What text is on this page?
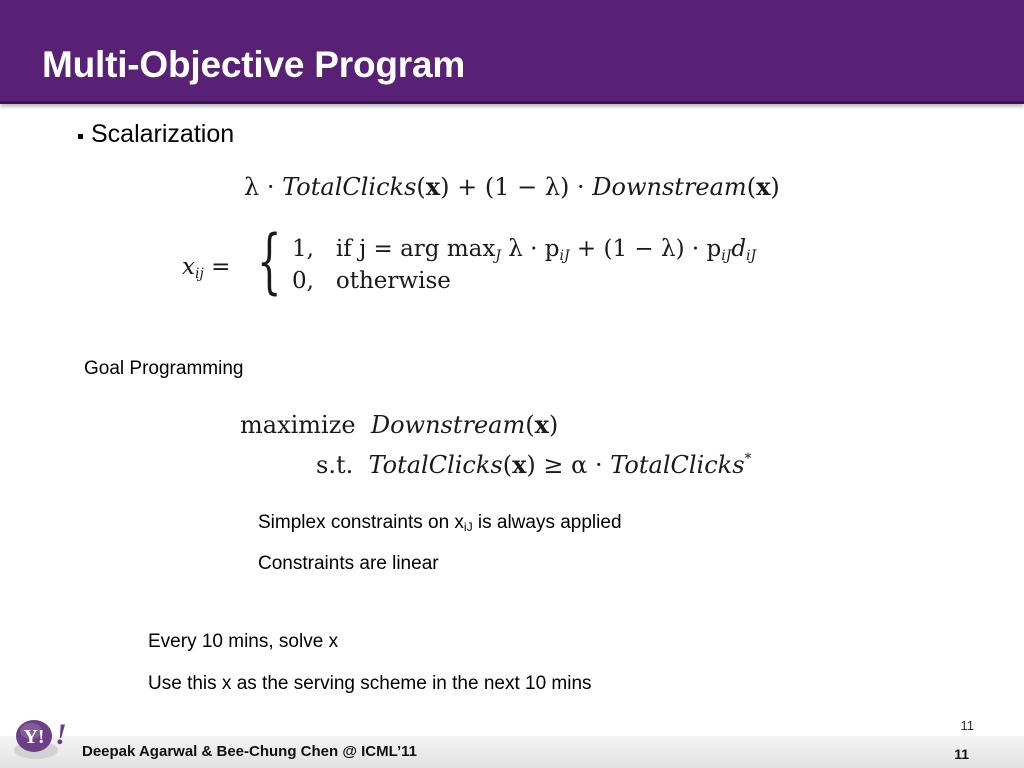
Multi-Objective Program
Scalarization
λ · TotalClicks(x) + (1 − λ) · Downstream(x)
$x_{ij}$ = { 1, if j = arg $\max_J \lambda \cdot p_{iJ} + (1 - \lambda) \cdot p_{iJ}d_{iJ}$
0, otherwise
Goal Programming
maximize Downstream(x)
s.t. TotalClicks(x) ≥ α · TotalClicks*
Simplex constraints on $x_{iJ}$ is always applied
Constraints are linear
Every 10 mins, solve x
Use this x as the serving scheme in the next 10 mins
11
Y! !
Deepak Agarwal & Bee-Chung Chen @ ICML’11	11
